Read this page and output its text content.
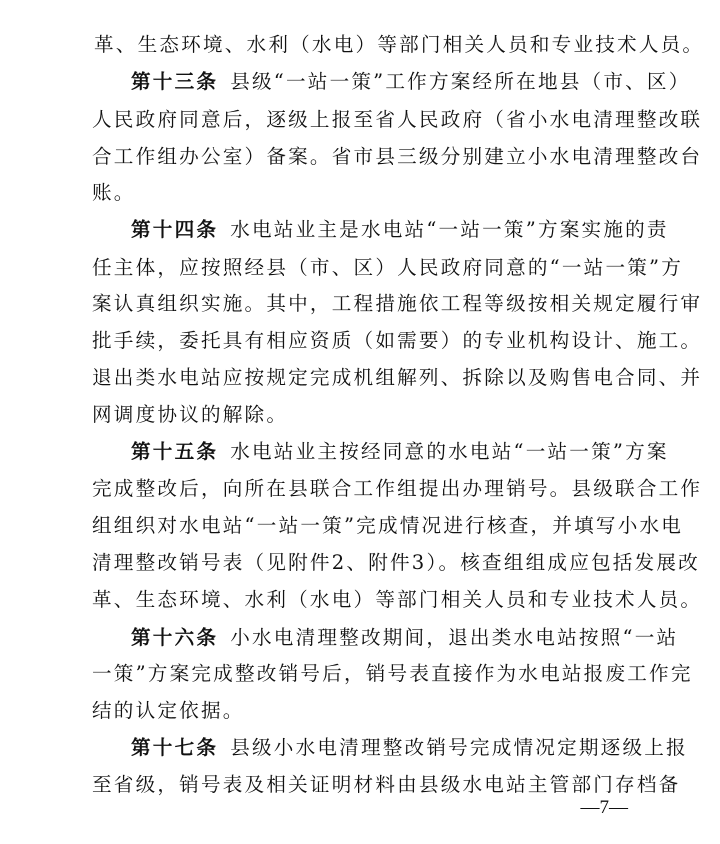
革、生态环境、水利（水电）等部门相关人员和专业技术人员。
第十三条 县级“一站一策”工作方案经所在地县（市、区）
人民政府同意后，逐级上报至省人民政府（省小水电清理整改联
合工作组办公室）备案。省市县三级分别建立小水电清理整改台
账。
第十四条 水电站业主是水电站“一站一策”方案实施的责
任主体，应按照经县（市、区）人民政府同意的“一站一策”方
案认真组织实施。其中，工程措施依工程等级按相关规定履行审
批手续，委托具有相应资质（如需要）的专业机构设计、施工。
退出类水电站应按规定完成机组解列、拆除以及购售电合同、并
网调度协议的解除。
第十五条 水电站业主按经同意的水电站“一站一策”方案
完成整改后，向所在县联合工作组提出办理销号。县级联合工作
组组织对水电站“一站一策”完成情况进行核查，并填写小水电
清理整改销号表（见附件2、附件3）。核查组组成应包括发展改
革、生态环境、水利（水电）等部门相关人员和专业技术人员。
第十六条 小水电清理整改期间，退出类水电站按照“一站
一策”方案完成整改销号后，销号表直接作为水电站报废工作完
结的认定依据。
第十七条 县级小水电清理整改销号完成情况定期逐级上报
至省级，销号表及相关证明材料由县级水电站主管部门存档备
—7—
